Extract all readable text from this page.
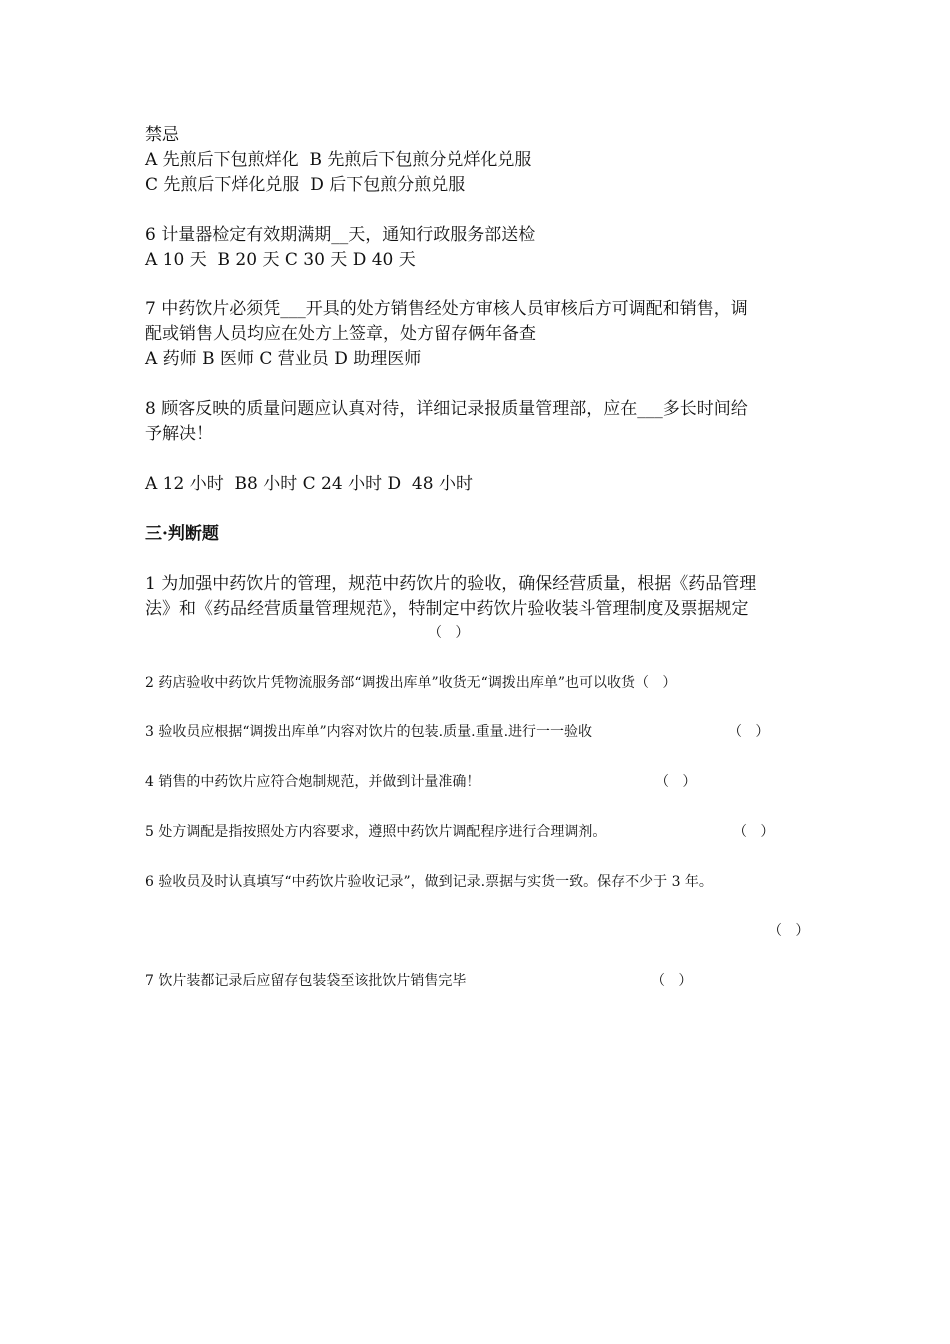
禁忌
A 先煎后下包煎烊化  B 先煎后下包煎分兑烊化兑服
C 先煎后下烊化兑服  D 后下包煎分煎兑服
6 计量器检定有效期满期__天，通知行政服务部送检
A 10 天  B 20 天 C 30 天 D 40 天
7 中药饮片必须凭___开具的处方销售经处方审核人员审核后方可调配和销售，调
配或销售人员均应在处方上签章，处方留存俩年备查
A 药师 B 医师 C 营业员 D 助理医师
8 顾客反映的质量问题应认真对待，详细记录报质量管理部，应在___多长时间给
予解决！
A 12 小时  B8 小时 C 24 小时 D  48 小时
三·判断题
1 为加强中药饮片的管理，规范中药饮片的验收，确保经营质量，根据《药品管理
法》和《药品经营质量管理规范》，特制定中药饮片验收装斗管理制度及票据规定
（   ）
2 药店验收中药饮片凭物流服务部“调拨出库单”收货无“调拨出库单”也可以收货（   ）
3 验收员应根据“调拨出库单”内容对饮片的包装.质量.重量.进行一一验收	（   ）
4 销售的中药饮片应符合炮制规范，并做到计量准确！	（   ）
5 处方调配是指按照处方内容要求，遵照中药饮片调配程序进行合理调剂。	（   ）
6 验收员及时认真填写“中药饮片验收记录”，做到记录.票据与实货一致。保存不少于 3 年。
（   ）
7 饮片装都记录后应留存包装袋至该批饮片销售完毕	（   ）
